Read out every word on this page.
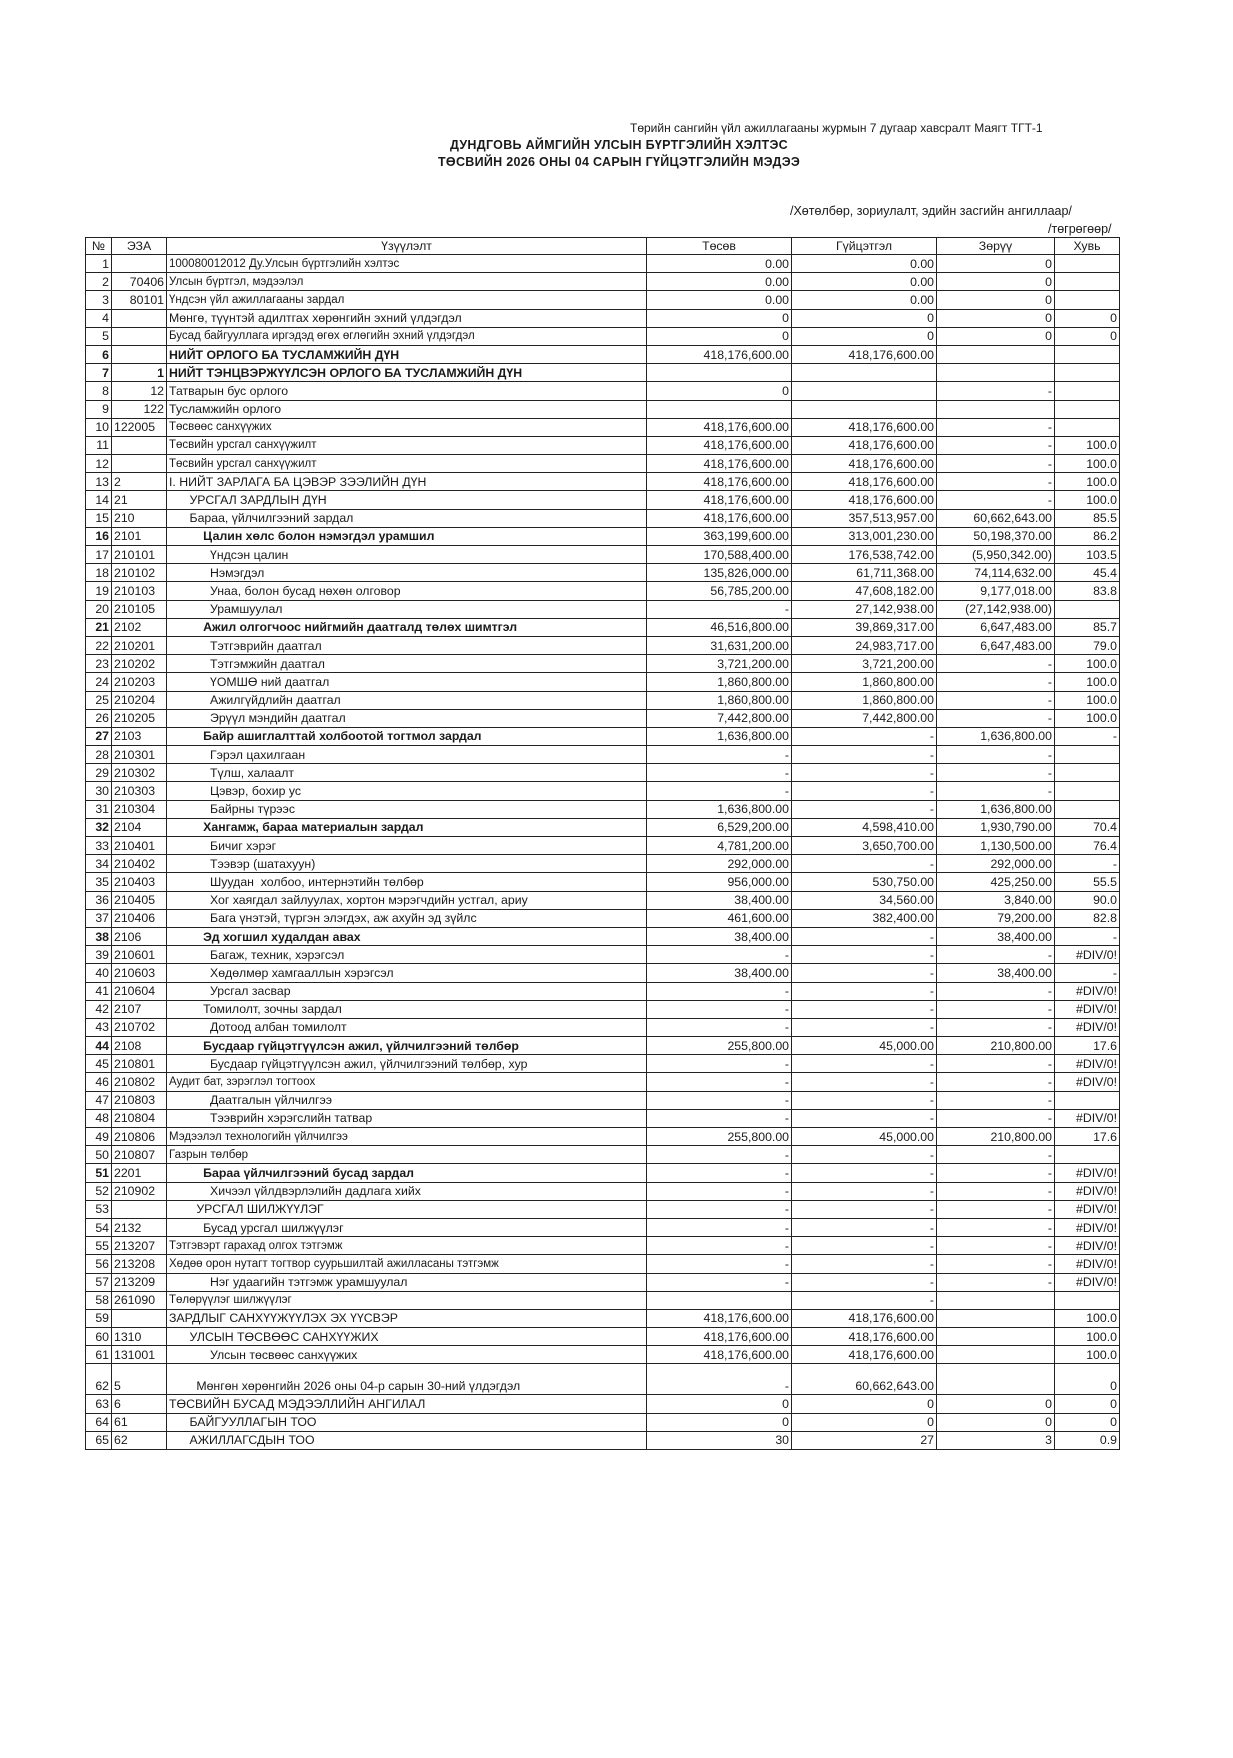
Төрийн сангийн үйл ажиллагааны журмын 7 дугаар хавсралт Маягт ТГТ-1
ДУНДГОВЬ АЙМГИЙН УЛСЫН БҮРТГЭЛИЙН ХЭЛТЭС
ТӨСВИЙН 2026 ОНЫ 04 САРЫН ГҮЙЦЭТГЭЛИЙН МЭДЭЭ
/Хөтөлбөр, зориулалт, эдийн засгийн ангиллаар/
/төгрөгөөр/
№	ЭЗА	Үзүүлэлт	Төсөв	Гүйцэтгэл	Зөрүү	Хувь
1		100080012012 Ду.Улсын бүртгэлийн хэлтэс	0.00	0.00	0	
2	70406	Улсын бүртгэл, мэдээлэл	0.00	0.00	0	
3	80101	Үндсэн үйл ажиллагааны зардал	0.00	0.00	0	
4		Мөнгө, түүнтэй адилтгах хөрөнгийн эхний үлдэгдэл	0	0	0	0
5		Бусад байгууллага иргэдэд өгөх өглөгийн эхний үлдэгдэл	0	0	0	0
6		НИЙТ ОРЛОГО БА ТУСЛАМЖИЙН ДҮН	418,176,600.00	418,176,600.00		
7	1	НИЙТ ТЭНЦВЭРЖҮҮЛСЭН ОРЛОГО БА ТУСЛАМЖИЙН ДҮН				
8	12	Татварын бус орлого	0		-	
9	122	Тусламжийн орлого				
10	122005	Төсвөөс санхүүжих	418,176,600.00	418,176,600.00	-	
11		Төсвийн урсгал санхүүжилт	418,176,600.00	418,176,600.00	-	100.0
12		Төсвийн урсгал санхүүжилт	418,176,600.00	418,176,600.00	-	100.0
13	2	I. НИЙТ ЗАРЛАГА БА ЦЭВЭР ЗЭЭЛИЙН ДҮН	418,176,600.00	418,176,600.00	-	100.0
14	21	УРСГАЛ ЗАРДЛЫН ДҮН	418,176,600.00	418,176,600.00	-	100.0
15	210	Бараа, үйлчилгээний зардал	418,176,600.00	357,513,957.00	60,662,643.00	85.5
16	2101	Цалин хөлс болон нэмэгдэл урамшил	363,199,600.00	313,001,230.00	50,198,370.00	86.2
17	210101	Үндсэн цалин	170,588,400.00	176,538,742.00	(5,950,342.00)	103.5
18	210102	Нэмэгдэл	135,826,000.00	61,711,368.00	74,114,632.00	45.4
19	210103	Унаа, болон бусад нөхөн олговор	56,785,200.00	47,608,182.00	9,177,018.00	83.8
20	210105	Урамшуулал	-	27,142,938.00	(27,142,938.00)	
21	2102	Ажил олгогчоос нийгмийн даатгалд төлөх шимтгэл	46,516,800.00	39,869,317.00	6,647,483.00	85.7
22	210201	Тэтгэврийн даатгал	31,631,200.00	24,983,717.00	6,647,483.00	79.0
23	210202	Тэтгэмжийн даатгал	3,721,200.00	3,721,200.00	-	100.0
24	210203	ҮОМШӨ ний даатгал	1,860,800.00	1,860,800.00	-	100.0
25	210204	Ажилгүйдлийн даатгал	1,860,800.00	1,860,800.00	-	100.0
26	210205	Эрүүл мэндийн даатгал	7,442,800.00	7,442,800.00	-	100.0
27	2103	Байр ашиглалттай холбоотой тогтмол зардал	1,636,800.00	-	1,636,800.00	-
28	210301	Гэрэл цахилгаан	-	-	-	
29	210302	Түлш, халаалт	-	-	-	
30	210303	Цэвэр, бохир ус	-	-	-	
31	210304	Байрны түрээс	1,636,800.00	-	1,636,800.00	
32	2104	Хангамж, бараа материалын зардал	6,529,200.00	4,598,410.00	1,930,790.00	70.4
33	210401	Бичиг хэрэг	4,781,200.00	3,650,700.00	1,130,500.00	76.4
34	210402	Тээвэр (шатахуун)	292,000.00	-	292,000.00	-
35	210403	Шуудан  холбоо, интернэтийн төлбөр	956,000.00	530,750.00	425,250.00	55.5
36	210405	Хог хаягдал зайлуулах, хортон мэрэгчдийн устгал, ариу	38,400.00	34,560.00	3,840.00	90.0
37	210406	Бага үнэтэй, түргэн элэгдэх, аж ахуйн эд зүйлс	461,600.00	382,400.00	79,200.00	82.8
38	2106	Эд хогшил худалдан авах	38,400.00	-	38,400.00	-
39	210601	Багаж, техник, хэрэгсэл	-	-	-	#DIV/0!
40	210603	Хөдөлмөр хамгааллын хэрэгсэл	38,400.00	-	38,400.00	-
41	210604	Урсгал засвар	-	-	-	#DIV/0!
42	2107	Томилолт, зочны зардал	-	-	-	#DIV/0!
43	210702	Дотоод албан томилолт	-	-	-	#DIV/0!
44	2108	Бусдаар гүйцэтгүүлсэн ажил, үйлчилгээний төлбөр	255,800.00	45,000.00	210,800.00	17.6
45	210801	Бусдаар гүйцэтгүүлсэн ажил, үйлчилгээний төлбөр, хур	-	-	-	#DIV/0!
46	210802	Аудит бат, зэрэглэл тогтоох	-	-	-	#DIV/0!
47	210803	Даатгалын үйлчилгээ	-	-	-	
48	210804	Тээврийн хэрэгслийн татвар	-	-	-	#DIV/0!
49	210806	Мэдээлэл технологийн үйлчилгээ	255,800.00	45,000.00	210,800.00	17.6
50	210807	Газрын төлбөр	-	-	-	
51	2201	Бараа үйлчилгээний бусад зардал	-	-	-	#DIV/0!
52	210902	Хичээл үйлдвэрлэлийн дадлага хийх	-	-	-	#DIV/0!
53		УРСГАЛ ШИЛЖҮҮЛЭГ	-	-	-	#DIV/0!
54	2132	Бусад урсгал шилжүүлэг	-	-	-	#DIV/0!
55	213207	Тэтгэвэрт гарахад олгох тэтгэмж	-	-	-	#DIV/0!
56	213208	Хөдөө орон нутагт тогтвор суурьшилтай ажилласаны тэтгэмж	-	-	-	#DIV/0!
57	213209	Нэг удаагийн тэтгэмж урамшуулал	-	-	-	#DIV/0!
58	261090	Төлөрүүлэг шилжүүлэг		-		
59		ЗАРДЛЫГ САНХҮҮЖҮҮЛЭХ ЭХ ҮҮСВЭР	418,176,600.00	418,176,600.00		100.0
60	1310	УЛСЫН ТӨСВӨӨС САНХҮҮЖИХ	418,176,600.00	418,176,600.00		100.0
61	131001	Улсын төсвөөс санхүүжих	418,176,600.00	418,176,600.00		100.0
62	5	Мөнгөн хөрөнгийн 2026 оны 04-р сарын 30-ний үлдэгдэл	-	60,662,643.00		0
63	6	ТӨСВИЙН БУСАД МЭДЭЭЛЛИЙН АНГИЛАЛ	0	0	0	0
64	61	БАЙГУУЛЛАГЫН ТОО	0	0	0	0
65	62	АЖИЛЛАГСДЫН ТОО	30	27	3	0.9
